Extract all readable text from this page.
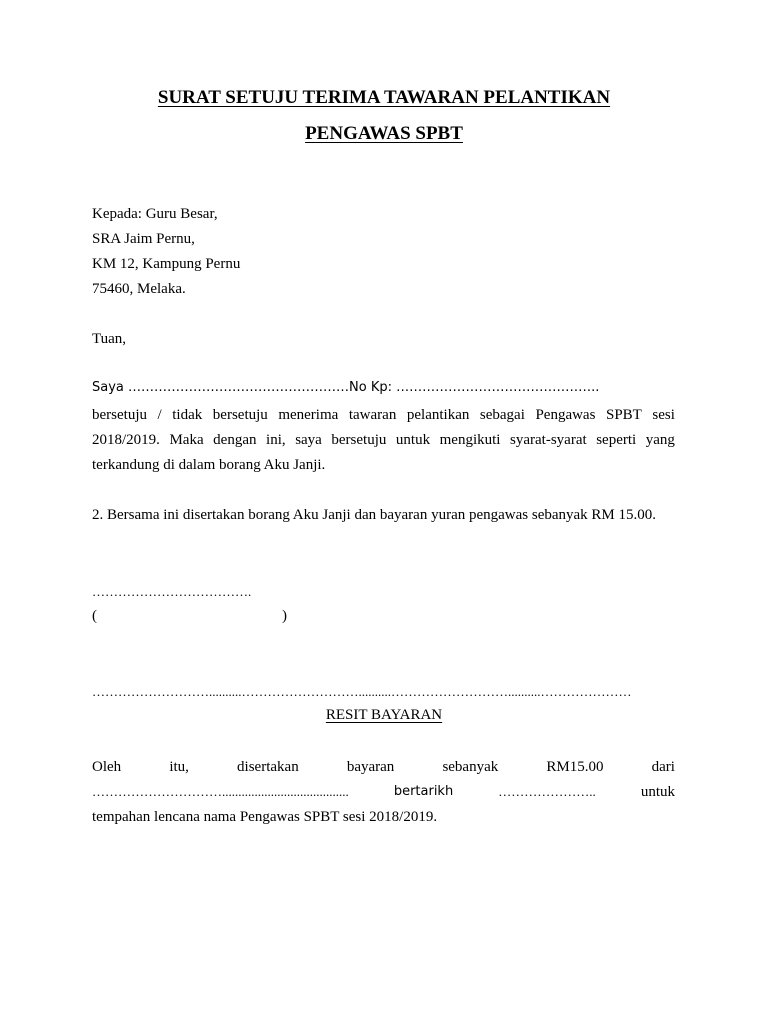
SURAT SETUJU TERIMA TAWARAN PELANTIKAN
PENGAWAS SPBT
Kepada: Guru Besar,
SRA Jaim Pernu,
KM 12, Kampung Pernu
75460, Melaka.
Tuan,
Saya ……………………………………………No Kp: ………………………………………..
bersetuju / tidak bersetuju menerima tawaran pelantikan sebagai Pengawas SPBT sesi
2018/2019. Maka dengan ini, saya bersetuju untuk mengikuti syarat-syarat seperti yang
terkandung di dalam borang Aku Janji.
2. Bersama ini disertakan borang Aku Janji dan bayaran yuran pengawas sebanyak RM 15.00.
……………………………….
(	)
………………………..........………………………..........………………………..........…………………
RESIT BAYARAN
Oleh	itu,	disertakan	bayaran	sebanyak	RM15.00	dari
………………………….......................................	bertarikh	…………………..	untuk
tempahan lencana nama Pengawas SPBT sesi 2018/2019.
